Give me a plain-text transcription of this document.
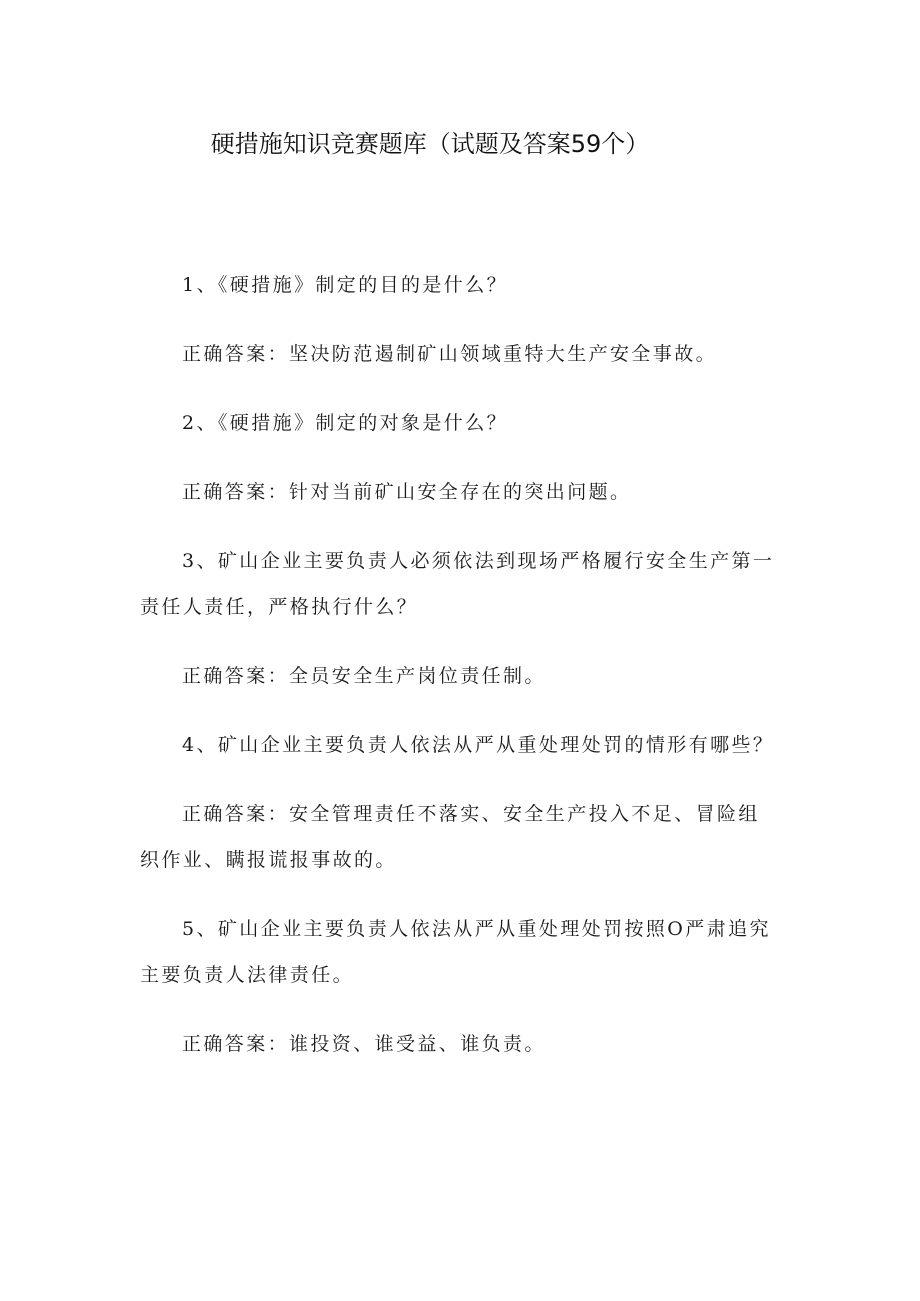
硬措施知识竞赛题库（试题及答案59个）

1、《硬措施》制定的目的是什么？

正确答案：坚决防范遏制矿山领域重特大生产安全事故。

2、《硬措施》制定的对象是什么？

正确答案：针对当前矿山安全存在的突出问题。

3、矿山企业主要负责人必须依法到现场严格履行安全生产第一责任人责任，严格执行什么？

正确答案：全员安全生产岗位责任制。

4、矿山企业主要负责人依法从严从重处理处罚的情形有哪些？

正确答案：安全管理责任不落实、安全生产投入不足、冒险组织作业、瞒报谎报事故的。

5、矿山企业主要负责人依法从严从重处理处罚按照O严肃追究主要负责人法律责任。

正确答案：谁投资、谁受益、谁负责。
